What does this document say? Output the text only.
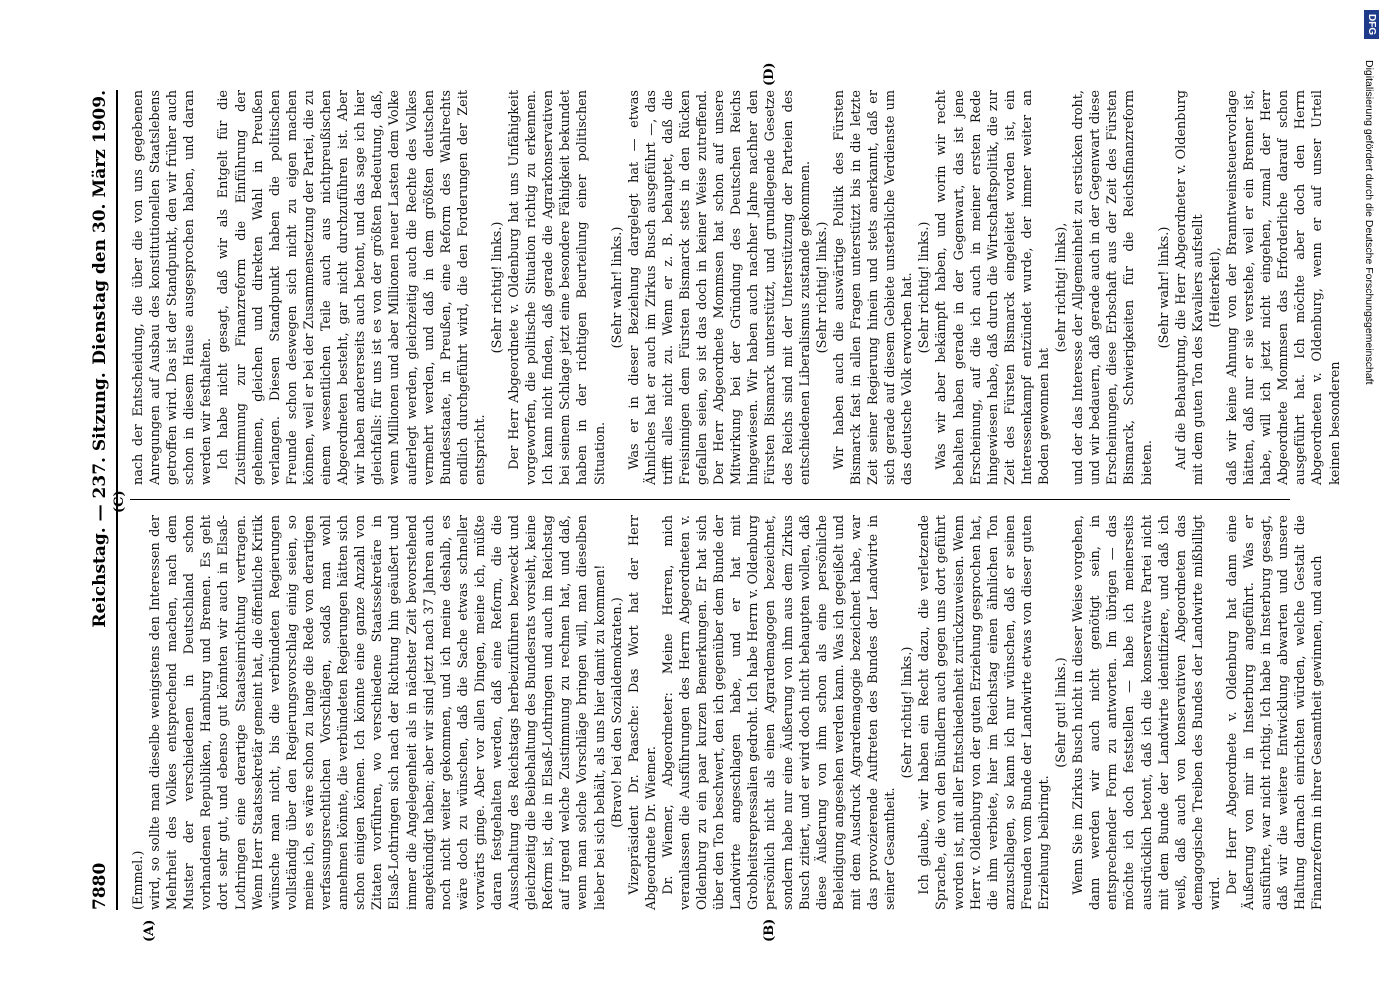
7880
Reichstag. — 237. Sitzung.
Dienstag den 30. März 1909.
(A)	(B)
(C)
(D)

(Emmel.) wird, so sollte man dieselbe wenigstens den Interessen der Mehrheit des Volkes entsprechend machen, nach dem Muster der verschiedenen in Deutschland schon vorhandenen Republiken, Hamburg und Bremen. Es geht dort sehr gut, und ebenso gut könnten wir auch in Elsaß-Lothringen eine derartige Staatseinrichtung vertragen. Wenn Herr Staatssekretär gemeint hat, die öffentliche Kritik wünsche man nicht, bis die verbündeten Regierungen vollständig über den Regierungsvorschlag einig seien, so meine ich, es wäre schon zu lange die Rede von derartigen verfassungsrechtlichen Vorschlägen, sodaß man wohl annehmen könnte, die verbündeten Regierungen hätten sich schon einigen können. Ich könnte eine ganze Anzahl von Zitaten vorführen, wo verschiedene Staatssekretäre in Elsaß-Lothringen sich nach der Richtung hin geäußert und immer die Angelegenheit als in nächster Zeit bevorstehend angekündigt haben; aber wir sind jetzt nach 37 Jahren auch noch nicht weiter gekommen, und ich meine deshalb, es wäre doch zu wünschen, daß die Sache etwas schneller vorwärts ginge. Aber vor allen Dingen, meine ich, müßte daran festgehalten werden, daß eine Reform, die die Ausschaltung des Reichstags herbeizuführen bezweckt und gleichzeitig die Beibehaltung des Bundesrats vorsieht, keine Reform ist, die in Elsaß-Lothringen und auch im Reichstag auf irgend welche Zustimmung zu rechnen hat, und daß, wenn man solche Vorschläge bringen will, man dieselben lieber bei sich behält, als uns hier damit zu kommen! (Bravo! bei den Sozialdemokraten.) Vizepräsident Dr. Paasche: Das Wort hat der Herr Abgeordnete Dr. Wiemer. Dr. Wiemer, Abgeordneter: Meine Herren, mich veranlassen die Ausführungen des Herrn Abgeordneten v. Oldenburg zu ein paar kurzen Bemerkungen. Er hat sich über den Ton beschwert, den ich gegenüber dem Bunde der Landwirte angeschlagen habe, und er hat mit Grobheitsrepressalien gedroht. Ich habe Herrn v. Oldenburg persönlich nicht als einen Agrardemagogen bezeichnet, sondern habe nur eine Äußerung von ihm aus dem Zirkus Busch zitiert, und er wird doch nicht behaupten wollen, daß diese Äußerung von ihm schon als eine persönliche Beleidigung angesehen werden kann. Was ich gegeißelt und mit dem Ausdruck Agrardemagogie bezeichnet habe, war das provozierende Auftreten des Bundes der Landwirte in seiner Gesamtheit.

(Sehr richtig! links.) Ich glaube, wir haben ein Recht dazu, die verletzende Sprache, die von den Bündlern auch gegen uns dort geführt worden ist, mit aller Entschiedenheit zurückzuweisen. Wenn Herr v. Oldenburg von der guten Erziehung gesprochen hat, die ihm verbiete, hier im Reichstag einen ähnlichen Ton anzuschlagen, so kann ich nur wünschen, daß er seinen Freunden vom Bunde der Landwirte etwas von dieser guten Erziehung beibringt.

(Sehr gut! links.) Wenn Sie im Zirkus Busch nicht in dieser Weise vorgehen, dann werden wir auch nicht genötigt sein, in entsprechender Form zu antworten. Im übrigen — das möchte ich doch feststellen — habe ich meinerseits ausdrücklich betont, daß ich die konservative Partei nicht mit dem Bunde der Landwirte identifiziere, und daß ich weiß, daß auch von konservativen Abgeordneten das demagogische Treiben des Bundes der Landwirte mißbilligt wird. Der Herr Abgeordnete v. Oldenburg hat dann eine Äußerung von mir in Insterburg angeführt. Was er ausführte, war nicht richtig. Ich habe in Insterburg gesagt, daß wir die weitere Entwicklung abwarten und unsere Haltung darnach einrichten würden, welche Gestalt die Finanzreform in ihrer Gesamtheit gewinnen, und auch

nach der Entscheidung, die über die von uns gegebenen Anregungen auf Ausbau des konstitutionellen Staatslebens getroffen wird. Das ist der Standpunkt, den wir früher auch schon in diesem Hause ausgesprochen haben, und daran werden wir festhalten. Ich habe nicht gesagt, daß wir als Entgelt für die Zustimmung zur Finanzreform die Einführung der geheimen, gleichen und direkten Wahl in Preußen verlangen. Diesen Standpunkt haben die politischen Freunde schon deswegen sich nicht zu eigen machen können, weil er bei der Zusammensetzung der Partei, die zu einem wesentlichen Teile auch aus nichtpreußischen Abgeordneten besteht, gar nicht durchzuführen ist. Aber wir haben andererseits auch betont, und das sage ich hier gleichfalls: für uns ist es von der größten Bedeutung, daß, wenn Millionen und aber Millionen neuer Lasten dem Volke auferlegt werden, gleichzeitig auch die Rechte des Volkes vermehrt werden, und daß in dem größten deutschen Bundesstaate, in Preußen, eine Reform des Wahlrechts endlich durchgeführt wird, die den Forderungen der Zeit entspricht.

(Sehr richtig! links.) Der Herr Abgeordnete v. Oldenburg hat uns Unfähigkeit vorgeworfen, die politische Situation richtig zu erkennen. Ich kann nicht finden, daß gerade die Agrarkonservativen bei seinem Schlage jetzt eine besondere Fähigkeit bekundet haben in der richtigen Beurteilung einer politischen Situation.

(Sehr wahr! links.) Was er in dieser Beziehung dargelegt hat — etwas Ähnliches hat er auch im Zirkus Busch ausgeführt —, das trifft alles nicht zu. Wenn er z. B. behauptet, daß die Freisinnigen dem Fürsten Bismarck stets in den Rücken gefallen seien, so ist das doch in keiner Weise zutreffend. Der Herr Abgeordnete Mommsen hat schon auf unsere Mitwirkung bei der Gründung des Deutschen Reichs hingewiesen. Wir haben auch nachher Jahre nachher den Fürsten Bismarck unterstützt, und grundlegende Gesetze des Reichs sind mit der Unterstützung der Parteien des entschiedenen Liberalismus zustande gekommen. (Sehr richtig! links.) Wir haben auch die auswärtige Politik des Fürsten Bismarck fast in allen Fragen unterstützt bis in die letzte Zeit seiner Regierung hinein und stets anerkannt, daß er sich gerade auf diesem Gebiete unsterbliche Verdienste um das deutsche Volk erworben hat. (Sehr richtig! links.) Was wir aber bekämpft haben, und worin wir recht behalten haben gerade in der Gegenwart, das ist jene Erscheinung, auf die ich auch in meiner ersten Rede hingewiesen habe, daß durch die Wirtschaftspolitik, die zur Zeit des Fürsten Bismarck eingeleitet worden ist, ein Interessenkampf entzündet wurde, der immer weiter an Boden gewonnen hat

(sehr richtig! links), und der das Interesse der Allgemeinheit zu ersticken droht, und wir bedauern, daß gerade auch in der Gegenwart diese Erscheinungen, diese Erbschaft aus der Zeit des Fürsten Bismarck, Schwierigkeiten für die Reichsfinanzreform bieten.

(Sehr wahr! links.) Auf die Behauptung, die Herr Abgeordneter v. Oldenburg mit dem guten Ton des Kavaliers aufstellt (Heiterkeit), daß wir keine Ahnung von der Branntweinsteuervorlage hätten, daß nur er sie verstehe, weil er ein Brenner ist, habe, will ich jetzt nicht eingehen, zumal der Herr Abgeordnete Mommsen das Erforderliche darauf schon ausgeführt hat. Ich möchte aber doch den Herrn Abgeordneten v. Oldenburg, wenn er auf unser Urteil keinen besonderen

Digitalisierung gefördert durch die Deutsche Forschungsgemeinschaft
DFG
